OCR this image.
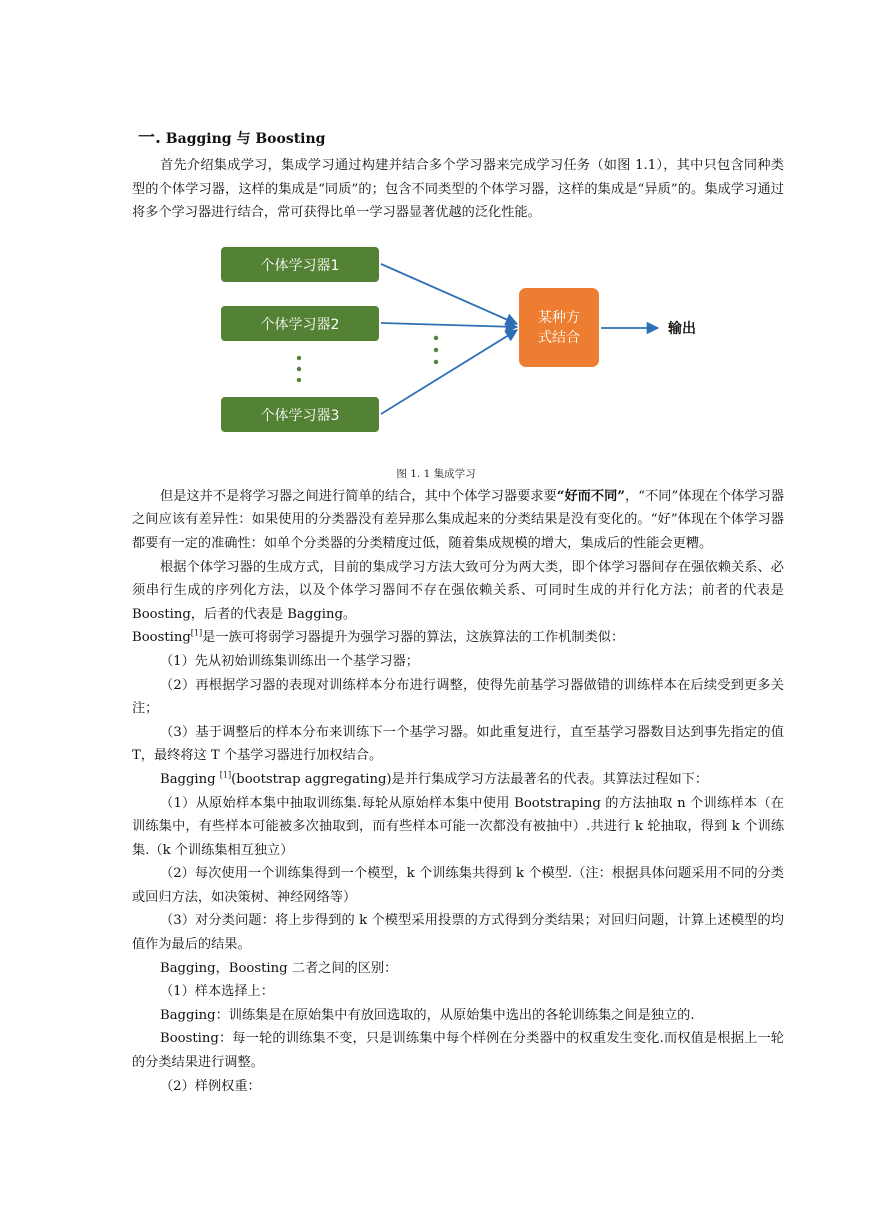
一. Bagging 与 Boosting

首先介绍集成学习，集成学习通过构建并结合多个学习器来完成学习任务（如图 1.1），其中只包含同种类型的个体学习器，这样的集成是“同质”的；包含不同类型的个体学习器，这样的集成是“异质”的。集成学习通过将多个学习器进行结合，常可获得比单一学习器显著优越的泛化性能。

个体学习器1
个体学习器2
个体学习器3
某种方
式结合
输出
图 1. 1 集成学习

但是这并不是将学习器之间进行简单的结合，其中个体学习器要求要“好而不同”，“不同”体现在个体学习器之间应该有差异性：如果使用的分类器没有差异那么集成起来的分类结果是没有变化的。“好”体现在个体学习器都要有一定的准确性：如单个分类器的分类精度过低，随着集成规模的增大，集成后的性能会更糟。

根据个体学习器的生成方式，目前的集成学习方法大致可分为两大类，即个体学习器间存在强依赖关系、必须串行生成的序列化方法，以及个体学习器间不存在强依赖关系、可同时生成的并行化方法；前者的代表是 Boosting，后者的代表是 Bagging。

Boosting[1]是一族可将弱学习器提升为强学习器的算法，这族算法的工作机制类似：

（1）先从初始训练集训练出一个基学习器；

（2）再根据学习器的表现对训练样本分布进行调整，使得先前基学习器做错的训练样本在后续受到更多关注；

（3）基于调整后的样本分布来训练下一个基学习器。如此重复进行，直至基学习器数目达到事先指定的值 T，最终将这 T 个基学习器进行加权结合。

Bagging [1](bootstrap aggregating)是并行集成学习方法最著名的代表。其算法过程如下：

（1）从原始样本集中抽取训练集.每轮从原始样本集中使用 Bootstraping 的方法抽取 n 个训练样本（在训练集中，有些样本可能被多次抽取到，而有些样本可能一次都没有被抽中）.共进行 k 轮抽取，得到 k 个训练集.（k 个训练集相互独立）

（2）每次使用一个训练集得到一个模型，k 个训练集共得到 k 个模型.（注：根据具体问题采用不同的分类或回归方法，如决策树、神经网络等）

（3）对分类问题：将上步得到的 k 个模型采用投票的方式得到分类结果；对回归问题，计算上述模型的均值作为最后的结果。

Bagging，Boosting 二者之间的区别：

（1）样本选择上：

Bagging：训练集是在原始集中有放回选取的，从原始集中选出的各轮训练集之间是独立的.

Boosting：每一轮的训练集不变，只是训练集中每个样例在分类器中的权重发生变化.而权值是根据上一轮的分类结果进行调整。

（2）样例权重：
